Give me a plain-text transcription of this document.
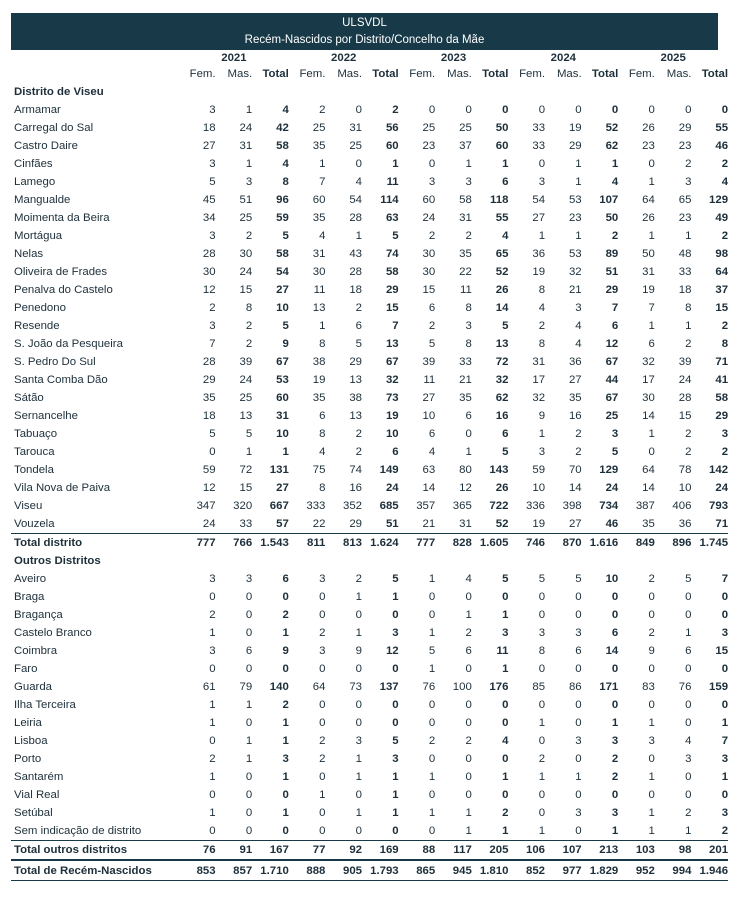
ULSVDL
Recém-Nascidos por Distrito/Concelho da Mãe
	2021			2022			2023			2024			2025		
	Fem.	Mas.	Total	Fem.	Mas.	Total	Fem.	Mas.	Total	Fem.	Mas.	Total	Fem.	Mas.	Total
Distrito de Viseu															
Armamar	3	1	4	2	0	2	0	0	0	0	0	0	0	0	0
Carregal do Sal	18	24	42	25	31	56	25	25	50	33	19	52	26	29	55
Castro Daire	27	31	58	35	25	60	23	37	60	33	29	62	23	23	46
Cinfães	3	1	4	1	0	1	0	1	1	0	1	1	0	2	2
Lamego	5	3	8	7	4	11	3	3	6	3	1	4	1	3	4
Mangualde	45	51	96	60	54	114	60	58	118	54	53	107	64	65	129
Moimenta da Beira	34	25	59	35	28	63	24	31	55	27	23	50	26	23	49
Mortágua	3	2	5	4	1	5	2	2	4	1	1	2	1	1	2
Nelas	28	30	58	31	43	74	30	35	65	36	53	89	50	48	98
Oliveira de Frades	30	24	54	30	28	58	30	22	52	19	32	51	31	33	64
Penalva do Castelo	12	15	27	11	18	29	15	11	26	8	21	29	19	18	37
Penedono	2	8	10	13	2	15	6	8	14	4	3	7	7	8	15
Resende	3	2	5	1	6	7	2	3	5	2	4	6	1	1	2
S. João da Pesqueira	7	2	9	8	5	13	5	8	13	8	4	12	6	2	8
S. Pedro Do Sul	28	39	67	38	29	67	39	33	72	31	36	67	32	39	71
Santa Comba Dão	29	24	53	19	13	32	11	21	32	17	27	44	17	24	41
Sátão	35	25	60	35	38	73	27	35	62	32	35	67	30	28	58
Sernancelhe	18	13	31	6	13	19	10	6	16	9	16	25	14	15	29
Tabuaço	5	5	10	8	2	10	6	0	6	1	2	3	1	2	3
Tarouca	0	1	1	4	2	6	4	1	5	3	2	5	0	2	2
Tondela	59	72	131	75	74	149	63	80	143	59	70	129	64	78	142
Vila Nova de Paiva	12	15	27	8	16	24	14	12	26	10	14	24	14	10	24
Viseu	347	320	667	333	352	685	357	365	722	336	398	734	387	406	793
Vouzela	24	33	57	22	29	51	21	31	52	19	27	46	35	36	71
Total distrito	777	766	1.543	811	813	1.624	777	828	1.605	746	870	1.616	849	896	1.745
Outros Distritos															
Aveiro	3	3	6	3	2	5	1	4	5	5	5	10	2	5	7
Braga	0	0	0	0	1	1	0	0	0	0	0	0	0	0	0
Bragança	2	0	2	0	0	0	0	1	1	0	0	0	0	0	0
Castelo Branco	1	0	1	2	1	3	1	2	3	3	3	6	2	1	3
Coimbra	3	6	9	3	9	12	5	6	11	8	6	14	9	6	15
Faro	0	0	0	0	0	0	1	0	1	0	0	0	0	0	0
Guarda	61	79	140	64	73	137	76	100	176	85	86	171	83	76	159
Ilha Terceira	1	1	2	0	0	0	0	0	0	0	0	0	0	0	0
Leiria	1	0	1	0	0	0	0	0	0	1	0	1	1	0	1
Lisboa	0	1	1	2	3	5	2	2	4	0	3	3	3	4	7
Porto	2	1	3	2	1	3	0	0	0	2	0	2	0	3	3
Santarém	1	0	1	0	1	1	1	0	1	1	1	2	1	0	1
Vial Real	0	0	0	1	0	1	0	0	0	0	0	0	0	0	0
Setúbal	1	0	1	0	1	1	1	1	2	0	3	3	1	2	3
Sem indicação de distrito	0	0	0	0	0	0	0	1	1	1	0	1	1	1	2
Total outros distritos	76	91	167	77	92	169	88	117	205	106	107	213	103	98	201
Total de Recém-Nascidos	853	857	1.710	888	905	1.793	865	945	1.810	852	977	1.829	952	994	1.946
